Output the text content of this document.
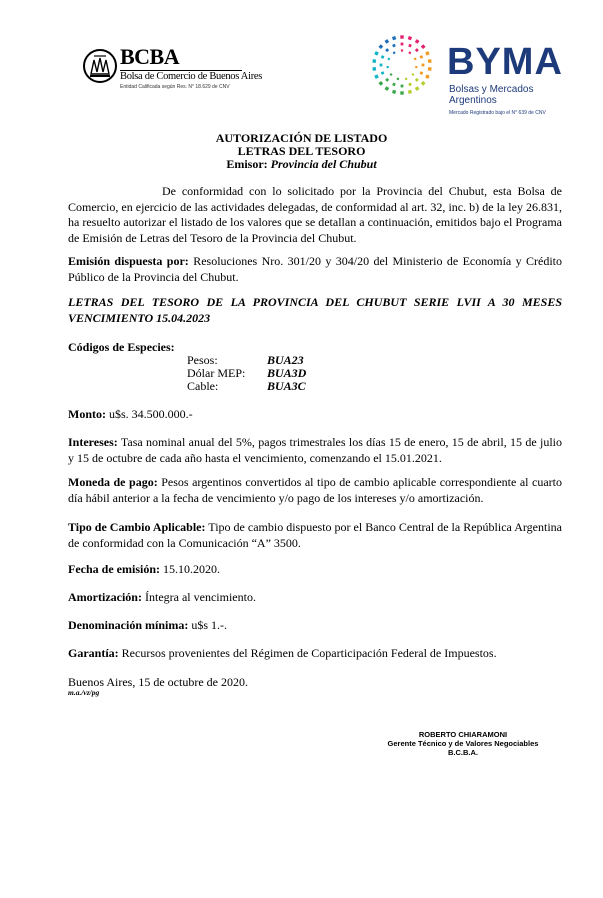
BCBA
Bolsa de Comercio de Buenos Aires
Entidad Calificada según Res. N° 18.629 de CNV
BYMA
Bolsas y Mercados
Argentinos
Mercado Registrado bajo el N° 639 de CNV
AUTORIZACIÓN DE LISTADO
LETRAS DEL TESORO
Emisor: Provincia del Chubut
De conformidad con lo solicitado por la Provincia del Chubut, esta Bolsa de
Comercio, en ejercicio de las actividades delegadas, de conformidad al art. 32, inc. b) de la ley 26.831, ha resuelto autorizar el listado de los valores que se detallan a continuación, emitidos bajo el Programa de Emisión de Letras del Tesoro de la Provincia del Chubut.
Emisión dispuesta por: Resoluciones Nro. 301/20 y 304/20 del Ministerio de Economía y Crédito Público de la Provincia del Chubut.
LETRAS DEL TESORO DE LA PROVINCIA DEL CHUBUT SERIE LVII A 30 MESES VENCIMIENTO 15.04.2023
Códigos de Especies:
Pesos:	BUA23
Dólar MEP: BUA3D
Cable:	BUA3C
Monto: u$s. 34.500.000.-
Intereses: Tasa nominal anual del 5%, pagos trimestrales los días 15 de enero, 15 de abril, 15 de julio y 15 de octubre de cada año hasta el vencimiento, comenzando el 15.01.2021.
Moneda de pago: Pesos argentinos convertidos al tipo de cambio aplicable correspondiente al cuarto día hábil anterior a la fecha de vencimiento y/o pago de los intereses y/o amortización.
Tipo de Cambio Aplicable: Tipo de cambio dispuesto por el Banco Central de la República Argentina de conformidad con la Comunicación “A” 3500.
Fecha de emisión: 15.10.2020.
Amortización: Íntegra al vencimiento.
Denominación mínima: u$s 1.-.
Garantía: Recursos provenientes del Régimen de Coparticipación Federal de Impuestos.
Buenos Aires, 15 de octubre de 2020.
m.a./vz/pg
ROBERTO CHIARAMONI
Gerente Técnico y de Valores Negociables
B.C.B.A.
